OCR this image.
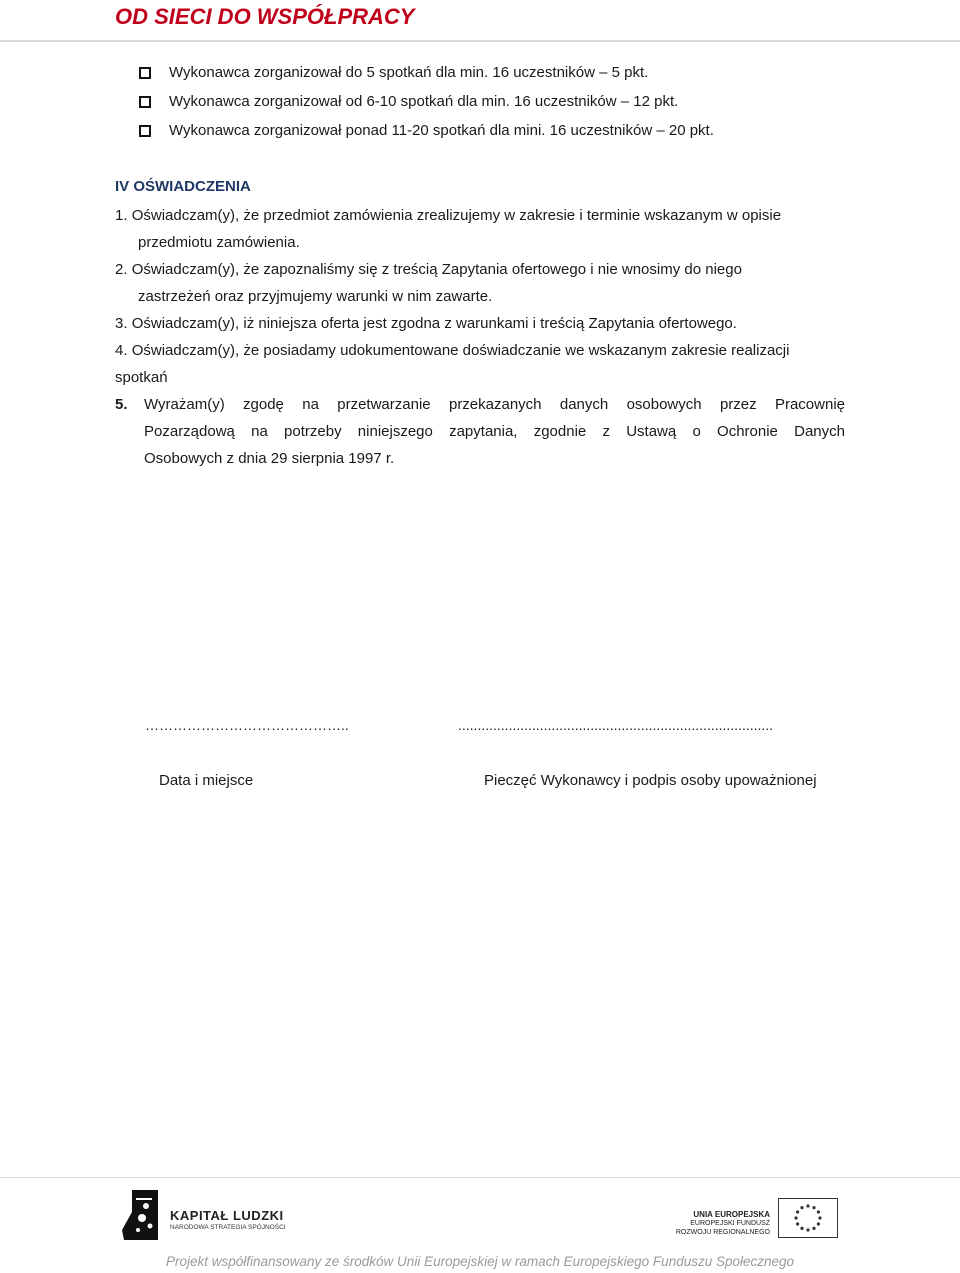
OD SIECI DO WSPÓŁPRACY
Wykonawca zorganizował do 5 spotkań dla min. 16 uczestników – 5 pkt.
Wykonawca zorganizował od 6-10 spotkań dla min. 16 uczestników – 12 pkt.
Wykonawca zorganizował ponad 11-20 spotkań dla mini. 16 uczestników – 20 pkt.
IV OŚWIADCZENIA
1. Oświadczam(y), że przedmiot zamówienia zrealizujemy w zakresie i terminie wskazanym w opisie
przedmiotu zamówienia.
2. Oświadczam(y), że zapoznaliśmy się z treścią Zapytania ofertowego i nie wnosimy do niego
zastrzeżeń oraz przyjmujemy warunki w nim zawarte.
3. Oświadczam(y), iż niniejsza oferta jest zgodna z warunkami i treścią Zapytania ofertowego.
4. Oświadczam(y), że posiadamy udokumentowane doświadczanie we wskazanym zakresie realizacji
spotkań
5. Wyrażam(y) zgodę na przetwarzanie przekazanych danych osobowych przez Pracownię
Pozarządową na potrzeby niniejszego zapytania, zgodnie z Ustawą o Ochronie Danych
Osobowych z dnia 29 sierpnia 1997 r.
……………………………………..
Data i miejsce
.................................................................................
Pieczęć Wykonawcy i podpis osoby upoważnionej
KAPITAŁ LUDZKI
NARODOWA STRATEGIA SPÓJNOŚCI
UNIA EUROPEJSKA
EUROPEJSKI FUNDUSZ
ROZWOJU REGIONALNEGO
Projekt współfinansowany ze środków Unii Europejskiej w ramach Europejskiego Funduszu Społecznego
